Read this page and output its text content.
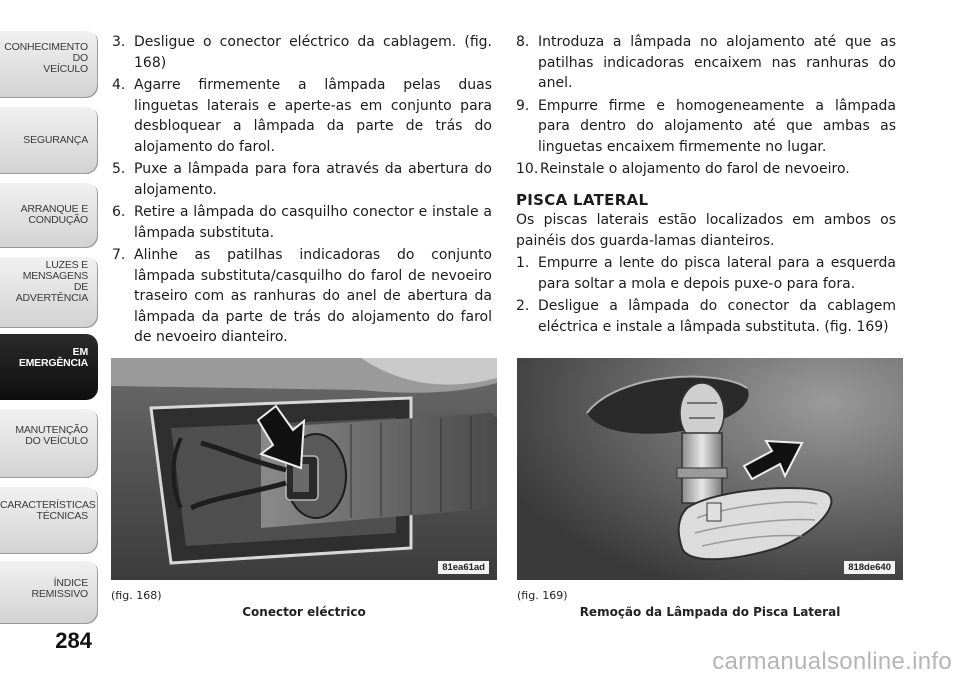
CONHECIMENTO
DO
VEÍCULO
SEGURANÇA
ARRANQUE E
CONDUÇÃO
LUZES E
MENSAGENS
DE
ADVERTÊNCIA
EM
EMERGÊNCIA
MANUTENÇÃO
DO VEÍCULO
CARACTERÍSTICAS
TÉCNICAS
ÍNDICE
REMISSIVO
284
3. Desligue o conector eléctrico da cablagem. (fig. 168)
4. Agarre firmemente a lâmpada pelas duas linguetas laterais e aperte-as em conjunto para desbloquear a lâmpada da parte de trás do alojamento do farol.
5. Puxe a lâmpada para fora através da abertura do alojamento.
6. Retire a lâmpada do casquilho conector e instale a lâmpada substituta.
7. Alinhe as patilhas indicadoras do conjunto lâmpada substituta/casquilho do farol de nevoeiro traseiro com as ranhuras do anel de abertura da lâmpada da parte de trás do alojamento do farol de nevoeiro dianteiro.
8. Introduza a lâmpada no alojamento até que as patilhas indicadoras encaixem nas ranhuras do anel.
9. Empurre firme e homogeneamente a lâmpada para dentro do alojamento até que ambas as linguetas encaixem firmemente no lugar.
10. Reinstale o alojamento do farol de nevoeiro.
PISCA LATERAL
Os piscas laterais estão localizados em ambos os painéis dos guarda-lamas dianteiros.
1. Empurre a lente do pisca lateral para a esquerda para soltar a mola e depois puxe-o para fora.
2. Desligue a lâmpada do conector da cablagem eléctrica e instale a lâmpada substituta. (fig. 169)
81ea61ad
(fig. 168)
Conector eléctrico
818de640
(fig. 169)
Remoção da Lâmpada do Pisca Lateral
carmanualsonline.info
